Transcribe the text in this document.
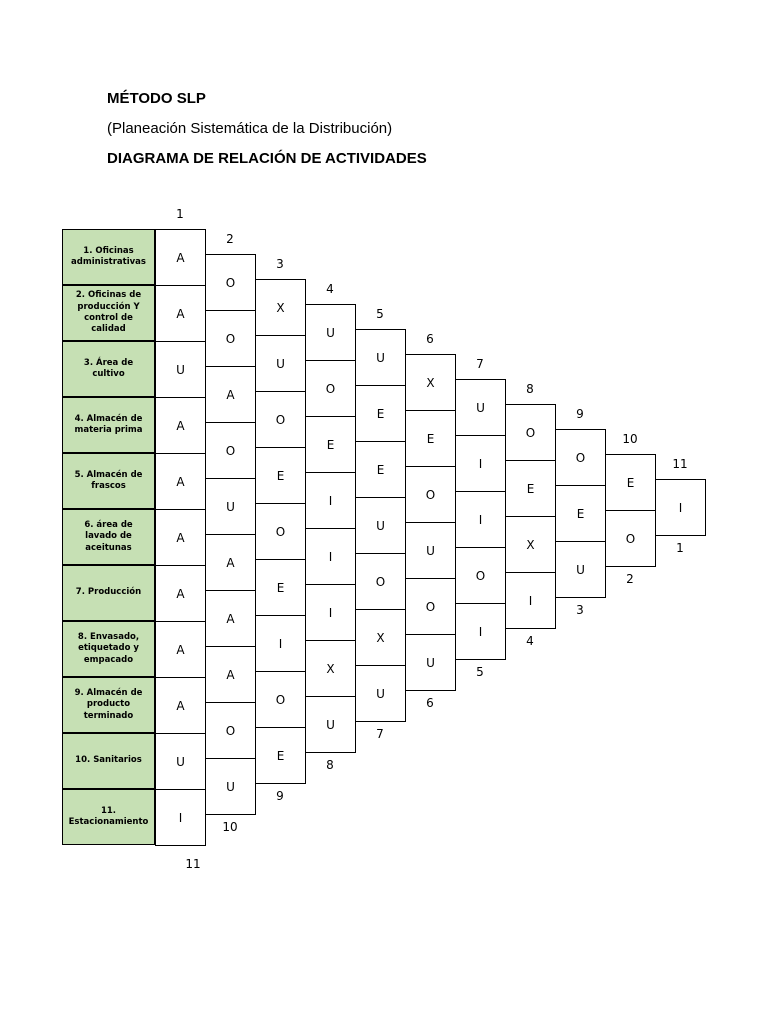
MÉTODO SLP
(Planeación Sistemática de la Distribución)
DIAGRAMA DE RELACIÓN DE ACTIVIDADES
1. Oficinas administrativas
2. Oficinas de producción Y control de calidad
3. Área de cultivo
4. Almacén de materia prima
5. Almacén de frascos
6. área de lavado de aceitunas
7. Producción
8. Envasado, etiquetado y empacado
9. Almacén de producto terminado
10. Sanitarios
11. Estacionamiento
1
A
A
U
A
A
A
A
A
A
U
I
11
2
O
O
A
O
U
A
A
A
O
U
10
3
X
U
O
E
O
E
I
O
E
9
4
U
O
E
I
I
I
X
U
8
5
U
E
E
U
O
X
U
7
6
X
E
O
U
O
U
6
7
U
I
I
O
I
5
8
O
E
X
I
4
9
O
E
U
3
10
E
O
2
11
I
1
